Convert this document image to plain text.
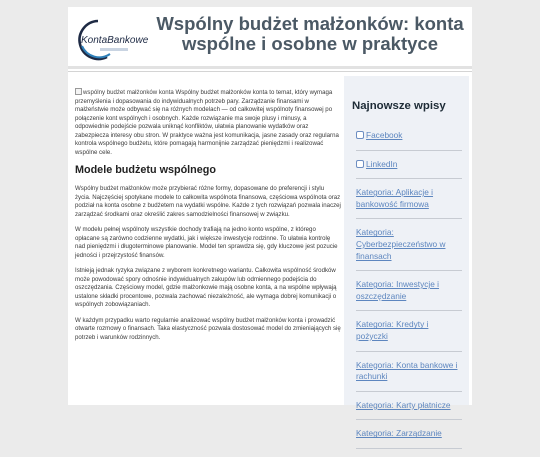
KontaBankowe
Wspólny budżet małżonków: konta wspólne i osobne w praktyce

wspólny budżet małżonków konta Wspólny budżet małżonków konta to temat, który wymaga przemyślenia i dopasowania do indywidualnych potrzeb pary. Zarządzanie finansami w małżeństwie może odbywać się na różnych modelach — od całkowitej wspólnoty finansowej po połączenie kont wspólnych i osobnych. Każde rozwiązanie ma swoje plusy i minusy, a odpowiednie podejście pozwala uniknąć konfliktów, ułatwia planowanie wydatków oraz zabezpiecza interesy obu stron. W praktyce ważna jest komunikacja, jasne zasady oraz regularna kontrola wspólnego budżetu, które pomagają harmonijnie zarządzać pieniędzmi i realizować wspólne cele.

Modele budżetu wspólnego

Wspólny budżet małżonków może przybierać różne formy, dopasowane do preferencji i stylu życia. Najczęściej spotykane modele to całkowita wspólnota finansowa, częściowa wspólnota oraz podział na konta osobne z budżetem na wydatki wspólne. Każde z tych rozwiązań pozwala inaczej zarządzać środkami oraz określić zakres samodzielności finansowej w związku.

W modelu pełnej wspólnoty wszystkie dochody trafiają na jedno konto wspólne, z którego opłacane są zarówno codzienne wydatki, jak i większe inwestycje rodzinne. To ułatwia kontrolę nad pieniędzmi i długoterminowe planowanie. Model ten sprawdza się, gdy kluczowe jest pozucie jedności i przejrzystość finansów.

Istnieją jednak ryzyka związane z wyborem konkretnego wariantu. Całkowita wspólność środków może powodować spory odnośnie indywidualnych zakupów lub odmiennego podejścia do oszczędzania. Częściowy model, gdzie małżonkowie mają osobne konta, a na wspólne wpływają ustalone składki procentowe, pozwala zachować niezależność, ale wymaga dobrej komunikacji o wspólnych zobowiązaniach.

W każdym przypadku warto regularnie analizować wspólny budżet małżonków konta i prowadzić otwarte rozmowy o finansach. Taka elastyczność pozwala dostosować model do zmieniających się potrzeb i warunków rodzinnych.

Najnowsze wpisy
Facebook
LinkedIn
Kategoria: Aplikacje i bankowość firmowa
Kategoria: Cyberbezpieczeństwo w finansach
Kategoria: Inwestycje i oszczędzanie
Kategoria: Kredyty i pożyczki
Kategoria: Konta bankowe i rachunki
Kategoria: Karty płatnicze
Kategoria: Zarządzanie
